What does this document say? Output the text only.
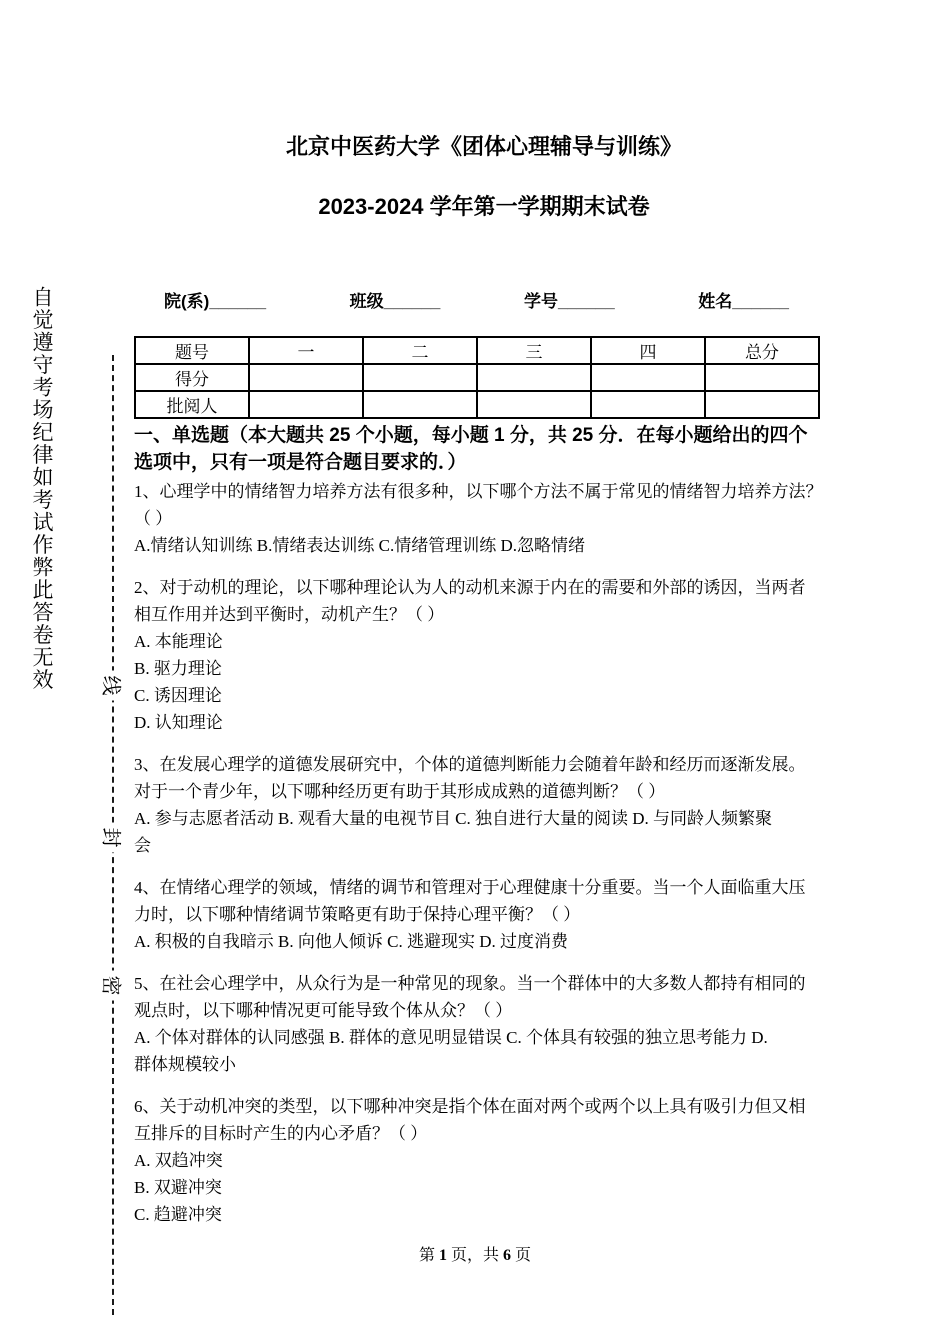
自觉遵守考场纪律如考试作弊此答卷无效	线
封
密
北京中医药大学《团体心理辅导与训练》
2023-2024 学年第一学期期末试卷
院(系)______	班级______	学号______	姓名______
题号	一	二	三	四	总分
得分					
批阅人					
一、单选题（本大题共 25 个小题，每小题 1 分，共 25 分．在每小题给出的四个
选项中，只有一项是符合题目要求的．）
1、心理学中的情绪智力培养方法有很多种，以下哪个方法不属于常见的情绪智力培养方法？
（ ）
A.情绪认知训练 B.情绪表达训练 C.情绪管理训练 D.忽略情绪
2、对于动机的理论，以下哪种理论认为人的动机来源于内在的需要和外部的诱因，当两者
相互作用并达到平衡时，动机产生？（ ）
A. 本能理论
B. 驱力理论
C. 诱因理论
D. 认知理论
3、在发展心理学的道德发展研究中，个体的道德判断能力会随着年龄和经历而逐渐发展。
对于一个青少年，以下哪种经历更有助于其形成成熟的道德判断？（ ）
A. 参与志愿者活动 B. 观看大量的电视节目 C. 独自进行大量的阅读 D. 与同龄人频繁聚
会
4、在情绪心理学的领域，情绪的调节和管理对于心理健康十分重要。当一个人面临重大压
力时，以下哪种情绪调节策略更有助于保持心理平衡？（ ）
A. 积极的自我暗示 B. 向他人倾诉 C. 逃避现实 D. 过度消费
5、在社会心理学中，从众行为是一种常见的现象。当一个群体中的大多数人都持有相同的
观点时，以下哪种情况更可能导致个体从众？（ ）
A. 个体对群体的认同感强 B. 群体的意见明显错误 C. 个体具有较强的独立思考能力 D.
群体规模较小
6、关于动机冲突的类型，以下哪种冲突是指个体在面对两个或两个以上具有吸引力但又相
互排斥的目标时产生的内心矛盾？（ ）
A. 双趋冲突
B. 双避冲突
C. 趋避冲突
第 1 页，共 6 页
